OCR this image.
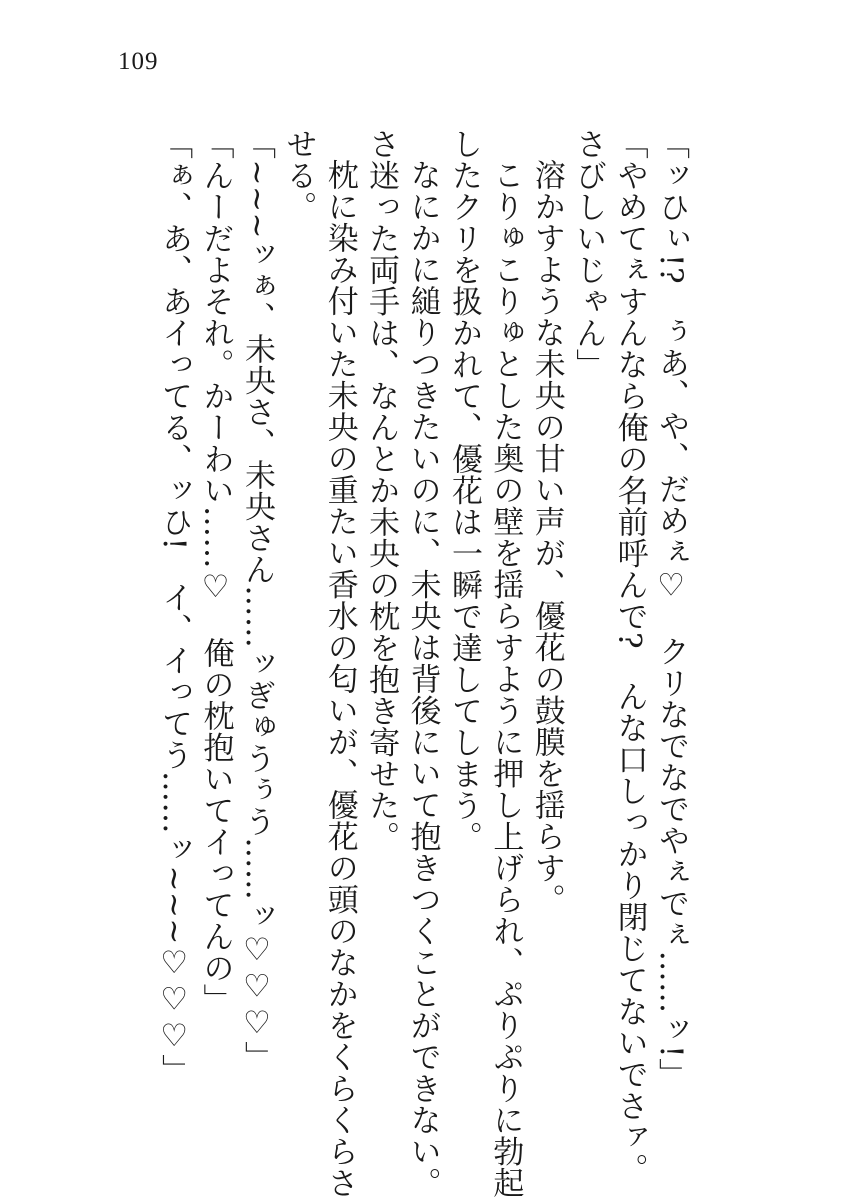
109
「ッひぃ!?　ぅあ、や、だめぇ♡　クリなでなでやぇでぇ……ッ!」
「やめてぇすんなら俺の名前呼んで?　んな口しっかり閉じてないでさァ。
さびしいじゃん」
溶かすような未央の甘い声が、優花の鼓膜を揺らす。
こりゅこりゅとした奥の壁を揺らすように押し上げられ、ぷりぷりに勃起
したクリを扱かれて、優花は一瞬で達してしまう。
なにかに縋りつきたいのに、未央は背後にいて抱きつくことができない。
さ迷った両手は、なんとか未央の枕を抱き寄せた。
枕に染み付いた未央の重たい香水の匂いが、優花の頭のなかをくらくらさ
せる。
「~~~ッぁ、未央さ、未央さん……ッぎゅうぅう……ッ♡♡♡」
「んーだよそれ。かーわい……♡　俺の枕抱いてイってんの」
「ぁ、あ、あイってる、ッひ!　イ、イってう……ッ~~~♡♡♡」
